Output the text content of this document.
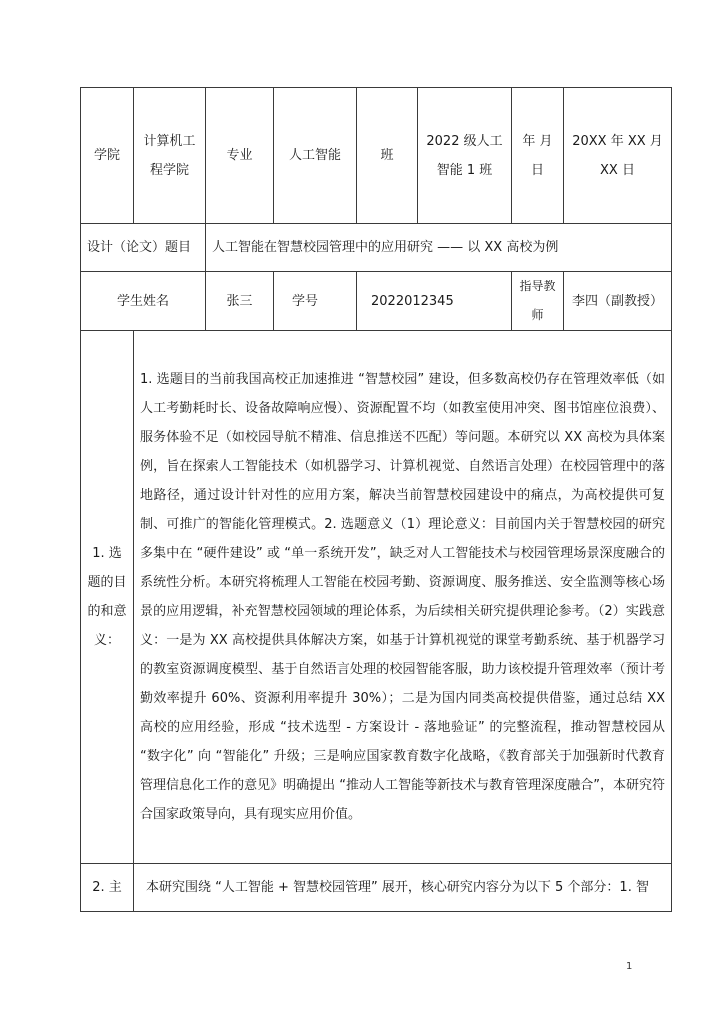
学院	计算机工程学院	专业	人工智能	班	2022 级人工智能 1 班	年 月 日	20XX 年 XX 月 XX 日
设计（论文）题目		人工智能在智慧校园管理中的应用研究 —— 以 XX 高校为例					
学生姓名		张三	学号	2022012345		指导教师	李四（副教授）
1. 选题的目的和意义：	1. 选题目的当前我国高校正加速推进 “智慧校园” 建设，但多数高校仍存在管理效率低（如人工考勤耗时长、设备故障响应慢）、资源配置不均（如教室使用冲突、图书馆座位浪费）、服务体验不足（如校园导航不精准、信息推送不匹配）等问题。本研究以 XX 高校为具体案例，旨在探索人工智能技术（如机器学习、计算机视觉、自然语言处理）在校园管理中的落地路径，通过设计针对性的应用方案，解决当前智慧校园建设中的痛点，为高校提供可复制、可推广的智能化管理模式。2. 选题意义（1）理论意义：目前国内关于智慧校园的研究多集中在 “硬件建设” 或 “单一系统开发”，缺乏对人工智能技术与校园管理场景深度融合的系统性分析。本研究将梳理人工智能在校园考勤、资源调度、服务推送、安全监测等核心场景的应用逻辑，补充智慧校园领域的理论体系，为后续相关研究提供理论参考。（2）实践意义：一是为 XX 高校提供具体解决方案，如基于计算机视觉的课堂考勤系统、基于机器学习的教室资源调度模型、基于自然语言处理的校园智能客服，助力该校提升管理效率（预计考勤效率提升 60%、资源利用率提升 30%）；二是为国内同类高校提供借鉴，通过总结 XX 高校的应用经验，形成 “技术选型 - 方案设计 - 落地验证” 的完整流程，推动智慧校园从 “数字化” 向 “智能化” 升级；三是响应国家教育数字化战略，《教育部关于加强新时代教育管理信息化工作的意见》明确提出 “推动人工智能等新技术与教育管理深度融合”，本研究符合国家政策导向，具有现实应用价值。						
2. 主	本研究围绕 “人工智能 + 智慧校园管理” 展开，核心研究内容分为以下 5 个部分：1. 智						
1
